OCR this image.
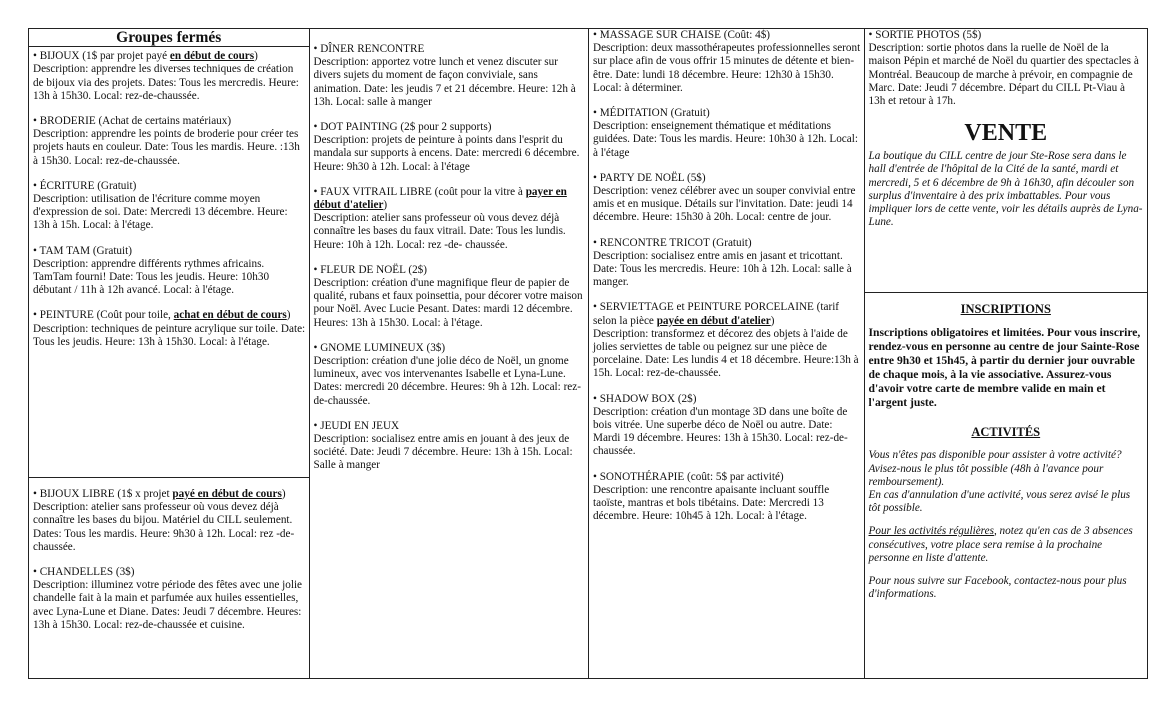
Groupes fermés
• BIJOUX (1$ par projet payé en début de cours)
Description: apprendre les diverses techniques de création de bijoux via des projets. Dates: Tous les mercredis. Heure: 13h à 15h30. Local: rez-de-chaussée.
• BRODERIE (Achat de certains matériaux)
Description: apprendre les points de broderie pour créer tes projets hauts en couleur. Date: Tous les mardis. Heure. :13h à 15h30. Local: rez-de-chaussée.
• ÉCRITURE (Gratuit)
Description: utilisation de l'écriture comme moyen d'expression de soi. Date: Mercredi 13 décembre. Heure: 13h à 15h. Local: à l'étage.
• TAM TAM (Gratuit)
Description: apprendre différents rythmes africains. TamTam fourni! Date: Tous les jeudis. Heure: 10h30 débutant / 11h à 12h avancé. Local: à l'étage.
• PEINTURE (Coût pour toile, achat en début de cours)
Description: techniques de peinture acrylique sur toile. Date: Tous les jeudis. Heure: 13h à 15h30. Local: à l'étage.
• BIJOUX LIBRE (1$ x projet payé en début de cours)
Description: atelier sans professeur où vous devez déjà connaître les bases du bijou. Matériel du CILL seulement. Dates: Tous les mardis. Heure: 9h30 à 12h. Local: rez -de-chaussée.
• CHANDELLES (3$)
Description: illuminez votre période des fêtes avec une jolie chandelle fait à la main et parfumée aux huiles essentielles, avec Lyna-Lune et Diane. Dates: Jeudi 7 décembre. Heures: 13h à 15h30. Local: rez-de-chaussée et cuisine.
• DÎNER RENCONTRE
Description: apportez votre lunch et venez discuter sur divers sujets du moment de façon conviviale, sans animation. Date: les jeudis 7 et 21 décembre. Heure: 12h à 13h. Local: salle à manger
• DOT PAINTING (2$ pour 2 supports)
Description: projets de peinture à points dans l'esprit du mandala sur supports à encens. Date: mercredi 6 décembre. Heure: 9h30 à 12h. Local: à l'étage
• FAUX VITRAIL LIBRE (coût pour la vitre à payer en début d'atelier)
Description: atelier sans professeur où vous devez déjà connaître les bases du faux vitrail. Date: Tous les lundis. Heure: 10h à 12h. Local: rez -de- chaussée.
• FLEUR DE NOËL (2$)
Description: création d'une magnifique fleur de papier de qualité, rubans et faux poinsettia, pour décorer votre maison pour Noël. Avec Lucie Pesant. Dates: mardi 12 décembre. Heures: 13h à 15h30. Local: à l'étage.
• GNOME LUMINEUX (3$)
Description: création d'une jolie déco de Noël, un gnome lumineux, avec vos intervenantes Isabelle et Lyna-Lune. Dates: mercredi 20 décembre. Heures: 9h à 12h. Local: rez-de-chaussée.
• JEUDI EN JEUX
Description: socialisez entre amis en jouant à des jeux de société. Date: Jeudi 7 décembre. Heure: 13h à 15h. Local: Salle à manger
• MASSAGE SUR CHAISE (Coût: 4$)
Description: deux massothérapeutes professionnelles seront sur place afin de vous offrir 15 minutes de détente et bien-être. Date: lundi 18 décembre. Heure: 12h30 à 15h30. Local: à déterminer.
• MÉDITATION (Gratuit)
Description: enseignement thématique et méditations guidées. Date: Tous les mardis. Heure: 10h30 à 12h. Local: à l'étage
• PARTY DE NOËL (5$)
Description: venez célébrer avec un souper convivial entre amis et en musique. Détails sur l'invitation. Date: jeudi 14 décembre. Heure: 15h30 à 20h. Local: centre de jour.
• RENCONTRE TRICOT (Gratuit)
Description: socialisez entre amis en jasant et tricottant. Date: Tous les mercredis. Heure: 10h à 12h. Local: salle à manger.
• SERVIETTAGE et PEINTURE PORCELAINE (tarif selon la pièce payée en début d'atelier)
Description: transformez et décorez des objets à l'aide de jolies serviettes de table ou peignez sur une pièce de porcelaine. Date: Les lundis 4 et 18 décembre. Heure:13h à 15h. Local: rez-de-chaussée.
• SHADOW BOX (2$)
Description: création d'un montage 3D dans une boîte de bois vitrée. Une superbe déco de Noël ou autre. Date: Mardi 19 décembre. Heures: 13h à 15h30. Local: rez-de-chaussée.
• SONOTHÉRAPIE (coût: 5$ par activité)
Description: une rencontre apaisante incluant souffle taoïste, mantras et bols tibétains. Date: Mercredi 13 décembre. Heure: 10h45 à 12h. Local: à l'étage.
• SORTIE PHOTOS (5$)
Description: sortie photos dans la ruelle de Noël de la maison Pépin et marché de Noël du quartier des spectacles à Montréal. Beaucoup de marche à prévoir, en compagnie de Marc. Date: Jeudi 7 décembre. Départ du CILL Pt-Viau à 13h et retour à 17h.
VENTE
La boutique du CILL centre de jour Ste-Rose sera dans le hall d'entrée de l'hôpital de la Cité de la santé, mardi et mercredi, 5 et 6 décembre de 9h à 16h30, afin découler son surplus d'inventaire à des prix imbattables. Pour vous impliquer lors de cette vente, voir les détails auprès de Lyna-Lune.
INSCRIPTIONS
Inscriptions obligatoires et limitées. Pour vous inscrire, rendez-vous en personne au centre de jour Sainte-Rose entre 9h30 et 15h45, à partir du dernier jour ouvrable de chaque mois, à la vie associative. Assurez-vous d'avoir votre carte de membre valide en main et l'argent juste.
ACTIVITÉS
Vous n'êtes pas disponible pour assister à votre activité? Avisez-nous le plus tôt possible (48h à l'avance pour remboursement).
En cas d'annulation d'une activité, vous serez avisé le plus tôt possible.
Pour les activités régulières, notez qu'en cas de 3 absences consécutives, votre place sera remise à la prochaine personne en liste d'attente.
Pour nous suivre sur Facebook, contactez-nous pour plus d'informations.
